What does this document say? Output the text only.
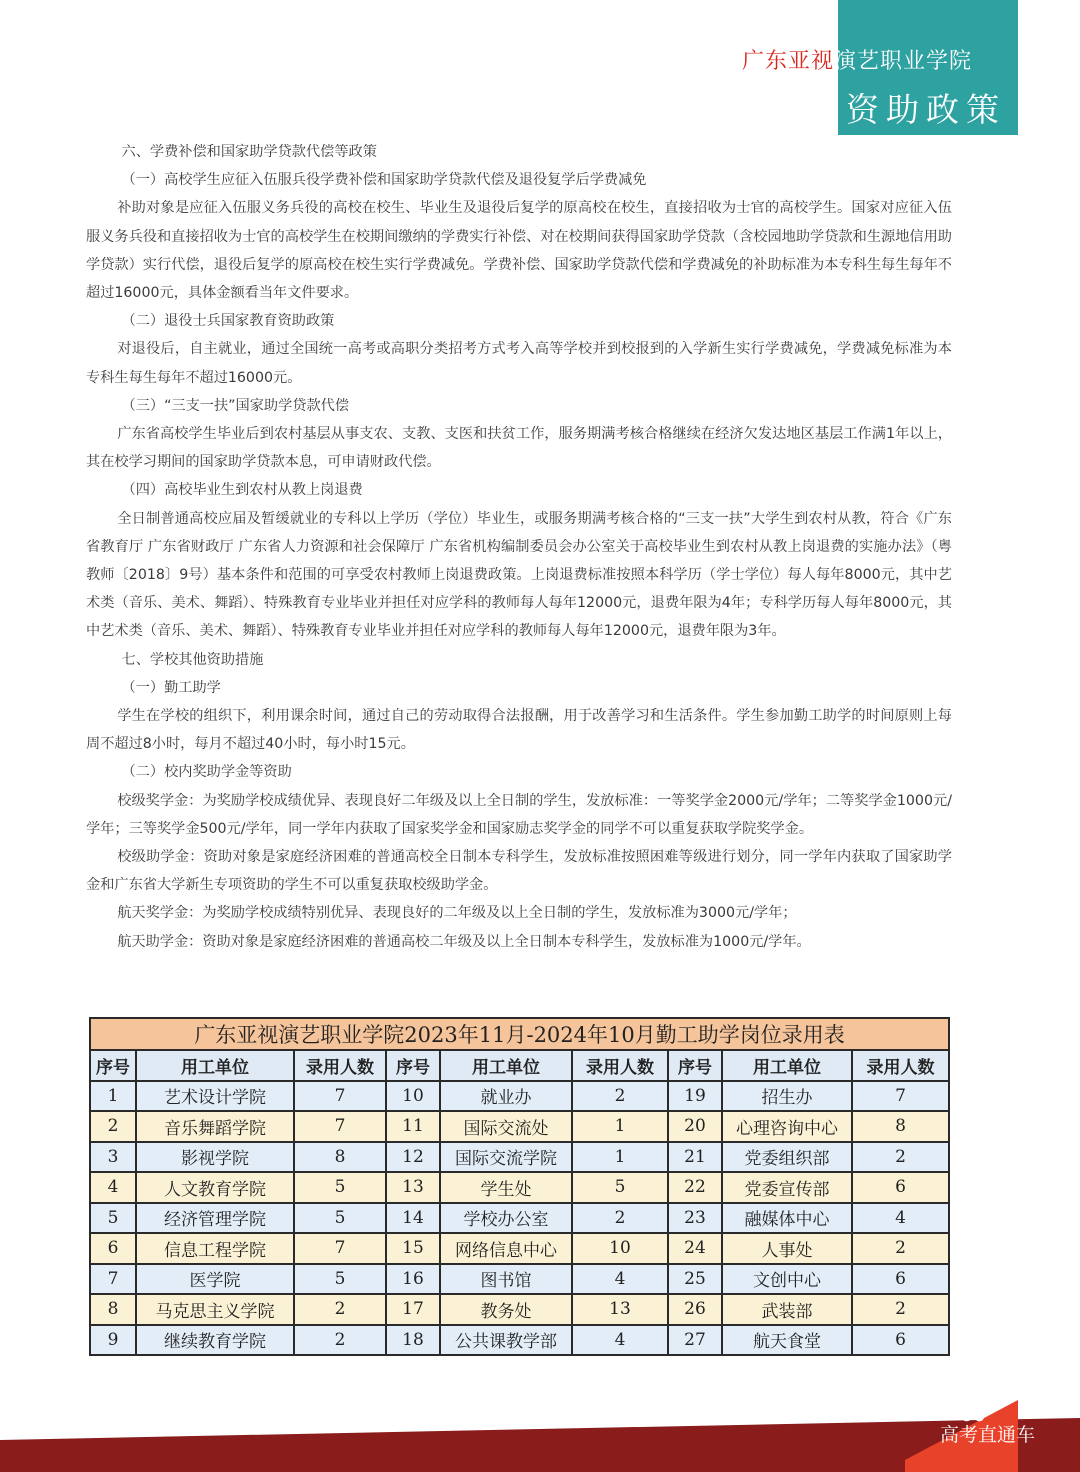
广东亚视演艺职业学院
资助政策

六、学费补偿和国家助学贷款代偿等政策

（一）高校学生应征入伍服兵役学费补偿和国家助学贷款代偿及退役复学后学费减免

补助对象是应征入伍服义务兵役的高校在校生、毕业生及退役后复学的原高校在校生，直接招收为士官的高校学生。国家对应征入伍服义务兵役和直接招收为士官的高校学生在校期间缴纳的学费实行补偿、对在校期间获得国家助学贷款（含校园地助学贷款和生源地信用助学贷款）实行代偿，退役后复学的原高校在校生实行学费减免。学费补偿、国家助学贷款代偿和学费减免的补助标准为本专科生每生每年不超过16000元，具体金额看当年文件要求。

（二）退役士兵国家教育资助政策

对退役后，自主就业，通过全国统一高考或高职分类招考方式考入高等学校并到校报到的入学新生实行学费减免，学费减免标准为本专科生每生每年不超过16000元。

（三）“三支一扶”国家助学贷款代偿

广东省高校学生毕业后到农村基层从事支农、支教、支医和扶贫工作，服务期满考核合格继续在经济欠发达地区基层工作满1年以上，其在校学习期间的国家助学贷款本息，可申请财政代偿。

（四）高校毕业生到农村从教上岗退费

全日制普通高校应届及暂缓就业的专科以上学历（学位）毕业生，或服务期满考核合格的“三支一扶”大学生到农村从教，符合《广东省教育厅 广东省财政厅 广东省人力资源和社会保障厅 广东省机构编制委员会办公室关于高校毕业生到农村从教上岗退费的实施办法》（粤教师〔2018〕9号）基本条件和范围的可享受农村教师上岗退费政策。上岗退费标准按照本科学历（学士学位）每人每年8000元，其中艺术类（音乐、美术、舞蹈）、特殊教育专业毕业并担任对应学科的教师每人每年12000元，退费年限为4年；专科学历每人每年8000元，其中艺术类（音乐、美术、舞蹈）、特殊教育专业毕业并担任对应学科的教师每人每年12000元，退费年限为3年。

七、学校其他资助措施

（一）勤工助学

学生在学校的组织下，利用课余时间，通过自己的劳动取得合法报酬，用于改善学习和生活条件。学生参加勤工助学的时间原则上每周不超过8小时，每月不超过40小时，每小时15元。

（二）校内奖助学金等资助

校级奖学金：为奖励学校成绩优异、表现良好二年级及以上全日制的学生，发放标准：一等奖学金2000元/学年；二等奖学金1000元/学年；三等奖学金500元/学年，同一学年内获取了国家奖学金和国家励志奖学金的同学不可以重复获取学院奖学金。

校级助学金：资助对象是家庭经济困难的普通高校全日制本专科学生，发放标准按照困难等级进行划分，同一学年内获取了国家助学金和广东省大学新生专项资助的学生不可以重复获取校级助学金。

航天奖学金：为奖励学校成绩特别优异、表现良好的二年级及以上全日制的学生，发放标准为3000元/学年；

航天助学金：资助对象是家庭经济困难的普通高校二年级及以上全日制本专科学生，发放标准为1000元/学年。

广东亚视演艺职业学院2023年11月-2024年10月勤工助学岗位录用表								
序号	用工单位	录用人数	序号	用工单位	录用人数	序号	用工单位	录用人数
1	艺术设计学院	7	10	就业办	2	19	招生办	7
2	音乐舞蹈学院	7	11	国际交流处	1	20	心理咨询中心	8
3	影视学院	8	12	国际交流学院	1	21	党委组织部	2
4	人文教育学院	5	13	学生处	5	22	党委宣传部	6
5	经济管理学院	5	14	学校办公室	2	23	融媒体中心	4
6	信息工程学院	7	15	网络信息中心	10	24	人事处	2
7	医学院	5	16	图书馆	4	25	文创中心	6
8	马克思主义学院	2	17	教务处	13	26	武装部	2
9	继续教育学院	2	18	公共课教学部	4	27	航天食堂	6
66
高考直通车
